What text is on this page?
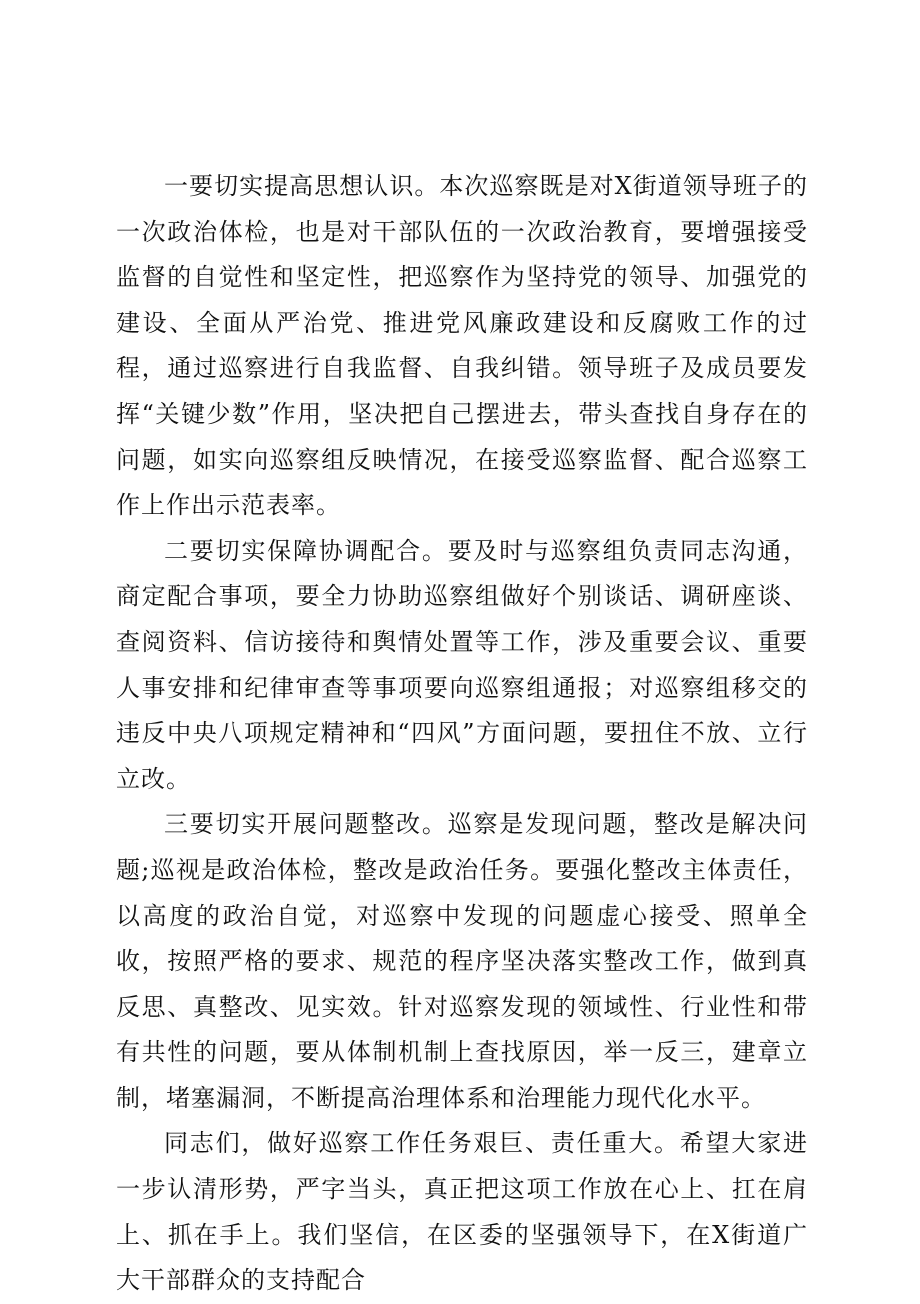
一要切实提高思想认识。本次巡察既是对X街道领导班子的一次政治体检，也是对干部队伍的一次政治教育，要增强接受监督的自觉性和坚定性，把巡察作为坚持党的领导、加强党的建设、全面从严治党、推进党风廉政建设和反腐败工作的过程，通过巡察进行自我监督、自我纠错。领导班子及成员要发挥“关键少数”作用，坚决把自己摆进去，带头查找自身存在的问题，如实向巡察组反映情况，在接受巡察监督、配合巡察工作上作出示范表率。

二要切实保障协调配合。要及时与巡察组负责同志沟通，商定配合事项，要全力协助巡察组做好个别谈话、调研座谈、查阅资料、信访接待和舆情处置等工作，涉及重要会议、重要人事安排和纪律审查等事项要向巡察组通报；对巡察组移交的违反中央八项规定精神和“四风”方面问题，要扭住不放、立行立改。

三要切实开展问题整改。巡察是发现问题，整改是解决问题;巡视是政治体检，整改是政治任务。要强化整改主体责任，以高度的政治自觉，对巡察中发现的问题虚心接受、照单全收，按照严格的要求、规范的程序坚决落实整改工作，做到真反思、真整改、见实效。针对巡察发现的领域性、行业性和带有共性的问题，要从体制机制上查找原因，举一反三，建章立制，堵塞漏洞，不断提高治理体系和治理能力现代化水平。

同志们，做好巡察工作任务艰巨、责任重大。希望大家进一步认清形势，严字当头，真正把这项工作放在心上、扛在肩上、抓在手上。我们坚信，在区委的坚强领导下，在X街道广大干部群众的支持配合
